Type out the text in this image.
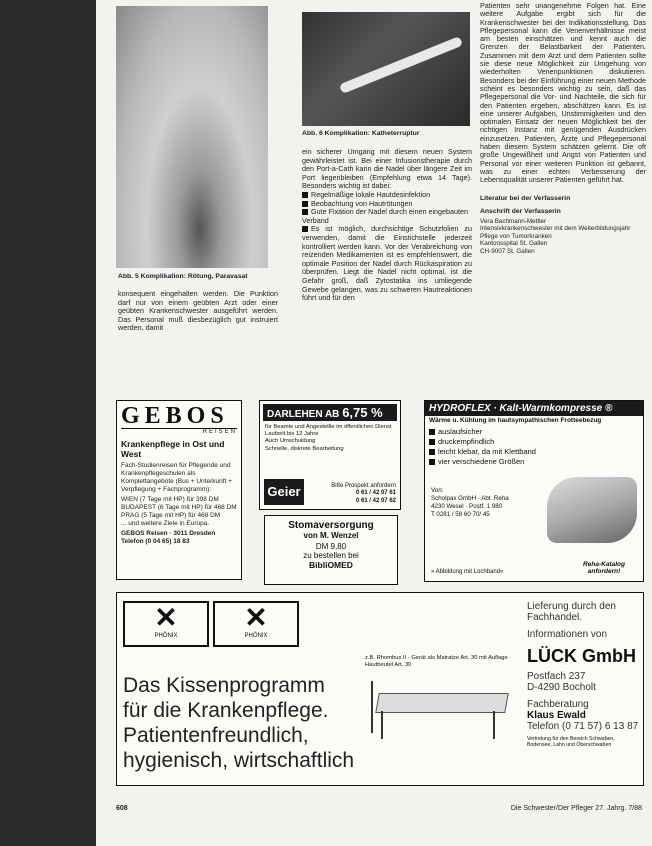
Abb. 5 Komplikation: Rötung, Paravasat
Abb. 6 Komplikation: Katheterruptur
konsequent eingehalten werden. Die Punktion darf nur von einem geübten Arzt oder einer geübten Krankenschwester ausgeführt werden. Das Personal muß diesbezüglich gut instruiert werden, damit
ein sicherer Umgang mit diesem neuen System gewährleistet ist. Bei einer Infusionstherapie durch den Port-a-Cath kann die Nadel über längere Zeit im Port liegenbleiben (Empfehlung etwa 14 Tage). Besonders wichtig ist dabei:
Regelmäßige lokale Hautdesinfektion
Beobachtung von Hautrötungen
Gute Fixation der Nadel durch einen eingebauten Verband
Es ist möglich, durchsichtige Schutzfolien zu verwenden, damit die Einstichstelle jederzeit kontrolliert werden kann. Vor der Verabreichung von reizenden Medikamenten ist es empfehlenswert, die optimale Position der Nadel durch Rückaspiration zu überprüfen. Liegt die Nadel nicht optimal, ist die Gefahr groß, daß Zytostatika ins umliegende Gewebe gelangen, was zu schweren Hautreaktionen führt und für den
Patienten sehr unangenehme Folgen hat. Eine weitere Aufgabe ergibt sich für die Krankenschwester bei der Indikationsstellung. Das Pflegepersonal kann die Venenverhältnisse meist am besten einschätzen und kennt auch die Grenzen der Belastbarkeit der Patienten. Zusammen mit dem Arzt und dem Patienten sollte sie diese neue Möglichkeit zur Umgehung von wiederholten Venenpunktionen diskutieren. Besonders bei der Einführung einer neuen Methode scheint es besonders wichtig zu sein, daß das Pflegepersonal die Vor- und Nachteile, die sich für den Patienten ergeben, abschätzen kann. Es ist eine unserer Aufgaben, Unstimmigkeiten und den optimalen Einsatz der neuen Möglichkeit bei der richtigen Instanz mit genügenden Ausdrücken einzusetzen. Patienten, Ärzte und Pflegepersonal haben diesem System schätzen gelernt. Die oft große Ungewißheit und Angst von Patienten und Personal vor einer weiteren Punktion ist gebannt, was zu einer echten Verbesserung der Lebensqualität unserer Patienten geführt hat.
Literatur bei der Verfasserin
Anschrift der Verfasserin
Vera Bachmann-Mettler
Intensivkrankenschwester mit dem Weiterbildungsjahr
Pflege von Tumorkranken
Kantonsspital St. Gallen
CH-9007 St. Gallen
GEBOS
REISEN
Krankenpflege in Ost und West
Fach-Studienreisen für Pflegende und Krankenpflegeschulen als Komplettangebote (Bus + Unterkunft + Verpflegung + Fachprogramm):
WIEN (7 Tage mit HP) für 398 DM
BUDAPEST (6 Tage mit HP) für 468 DM
PRAG (5 Tage mit HP) für 468 DM
... und weitere Ziele in Europa.
GEBOS Reisen · 3011 Dresden
Telefon (0 04 65) 18 83
DARLEHEN AB 6,75 %
für Beamte und Angestellte im öffentlichen Dienst
Laufzeit bis 12 Jahre
Auch Umschuldung
Schnelle, diskrete Bearbeitung
Geier	Bitte Prospekt anfordern
0 61 / 42 07 61
0 61 / 42 07 62
Stomaversorgung
von M. Wenzel
DM 9,80
zu bestellen bei
BibliOMED
HYDROFLEX · Kalt-Warmkompresse ®
Wärme u. Kühlung im hautsympathischen Frotteebezug
auslaufsicher
druckempfindlich
leicht klebar, da mit Klettband
vier verschiedene Größen
Von:
Scholpax GmbH · Abt. Reha
4230 Wesel · Postf. 1 980
T 0281 / 58 60 70/ 45
» Abbildung mit Lochband«
Reha-Katalog anfordern!
✕
PHÖNIX
✕
PHÖNIX
Das Kissenprogramm
für die Krankenpflege.
Patientenfreundlich,
hygienisch, wirtschaftlich
z.B. Rhombus II · Gerät als Matratze Art. 30 mit Auflage · Hautbeutel Art. 30
Lieferung durch den
Fachhandel.
Informationen von
LÜCK GmbH
Postfach 237
D-4290 Bocholt
Fachberatung
Klaus Ewald
Telefon (0 71 57) 6 13 87
Vertretung für den Bereich Schwaben, Bodensee, Lahn und Oberschwaben
608	Die Schwester/Der Pfleger 27. Jahrg. 7/88
